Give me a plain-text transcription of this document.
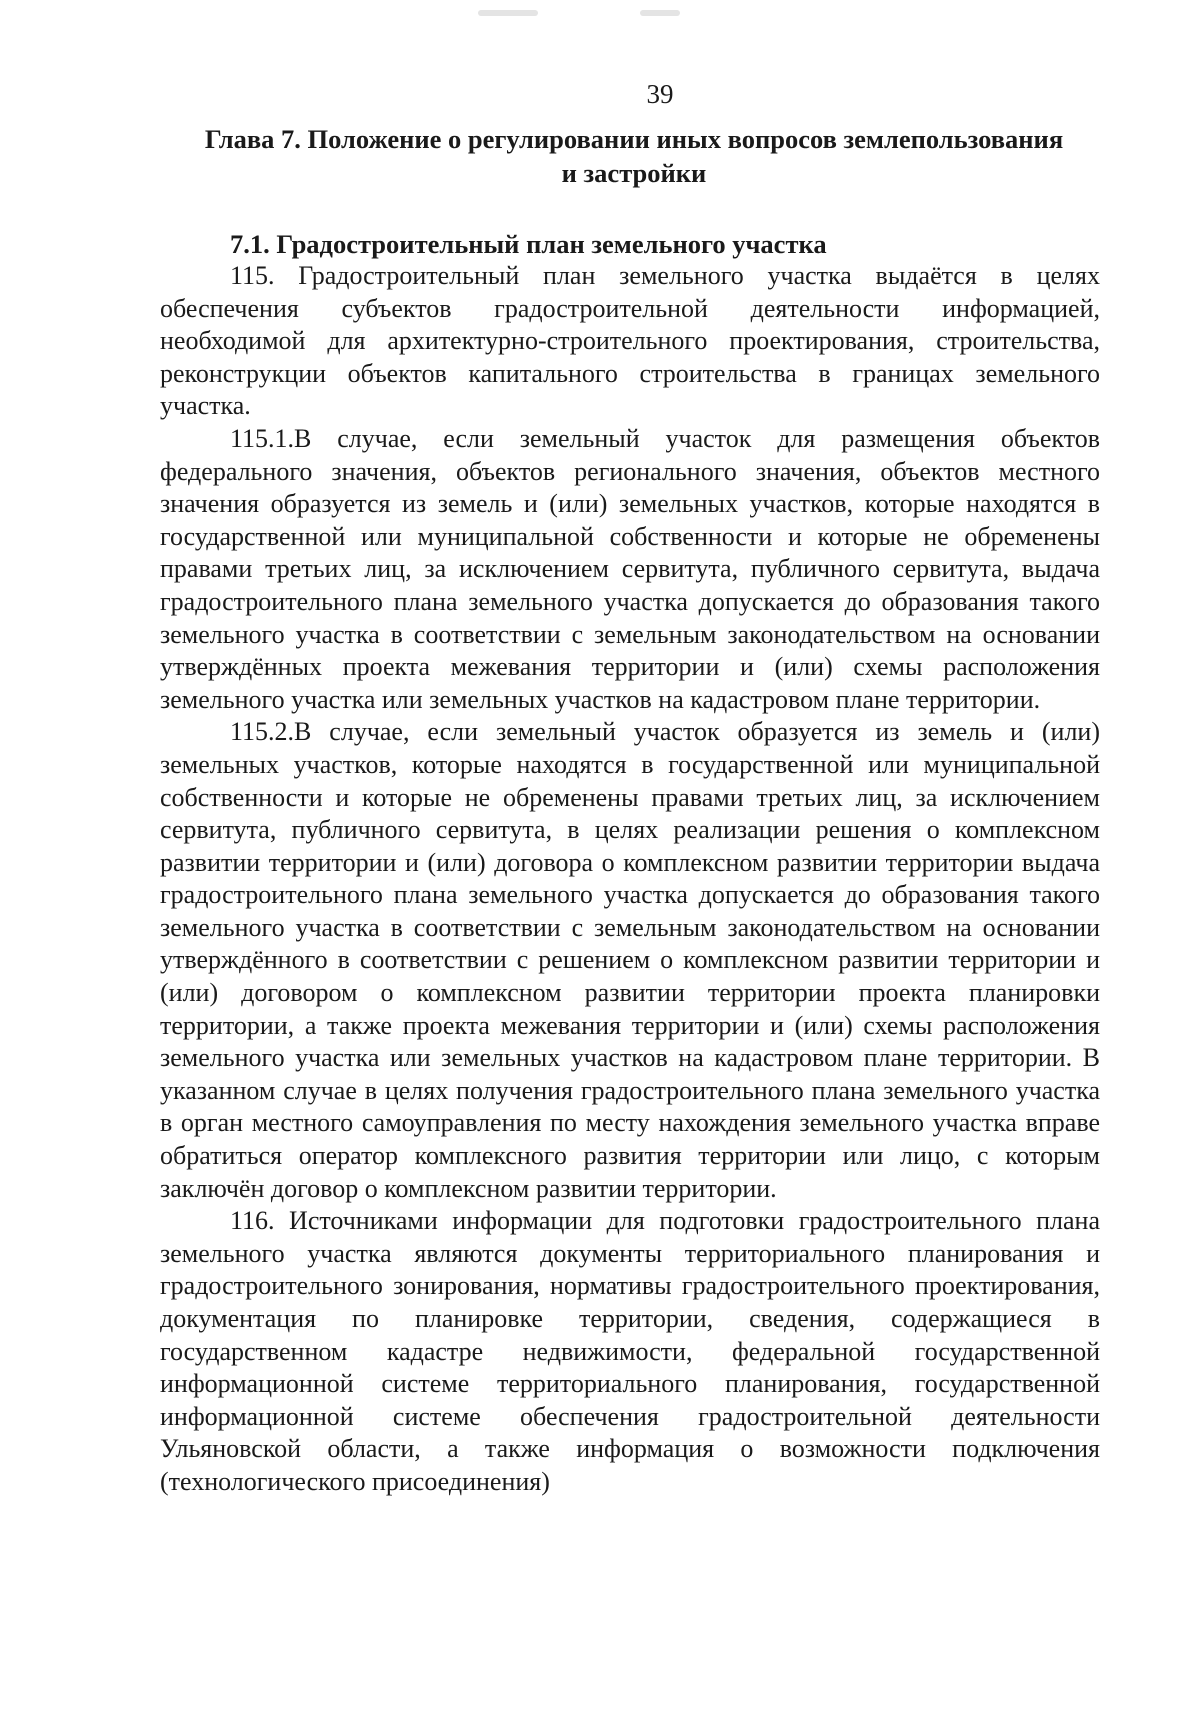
39
Глава 7. Положение о регулировании иных вопросов землепользования
и застройки
7.1. Градостроительный план земельного участка

115. Градостроительный план земельного участка выдаётся в целях обеспечения субъектов градостроительной деятельности информацией, необходимой для архитектурно-строительного проектирования, строительства, реконструкции объектов капитального строительства в границах земельного участка.

115.1.В случае, если земельный участок для размещения объектов федерального значения, объектов регионального значения, объектов местного значения образуется из земель и (или) земельных участков, которые находятся в государственной или муниципальной собственности и которые не обременены правами третьих лиц, за исключением сервитута, публичного сервитута, выдача градостроительного плана земельного участка допускается до образования такого земельного участка в соответствии с земельным законодательством на основании утверждённых проекта межевания территории и (или) схемы расположения земельного участка или земельных участков на кадастровом плане территории.

115.2.В случае, если земельный участок образуется из земель и (или) земельных участков, которые находятся в государственной или муниципальной собственности и которые не обременены правами третьих лиц, за исключением сервитута, публичного сервитута, в целях реализации решения о комплексном развитии территории и (или) договора о комплексном развитии территории выдача градостроительного плана земельного участка допускается до образования такого земельного участка в соответствии с земельным законодательством на основании утверждённого в соответствии с решением о комплексном развитии территории и (или) договором о комплексном развитии территории проекта планировки территории, а также проекта межевания территории и (или) схемы расположения земельного участка или земельных участков на кадастровом плане территории. В указанном случае в целях получения градостроительного плана земельного участка в орган местного самоуправления по месту нахождения земельного участка вправе обратиться оператор комплексного развития территории или лицо, с которым заключён договор о комплексном развитии территории.

116. Источниками информации для подготовки градостроительного плана земельного участка являются документы территориального планирования и градостроительного зонирования, нормативы градостроительного проектирования, документация по планировке территории, сведения, содержащиеся в государственном кадастре недвижимости, федеральной государственной информационной системе территориального планирования, государственной информационной системе обеспечения градостроительной деятельности Ульяновской области, а также информация о возможности подключения (технологического присоединения)
